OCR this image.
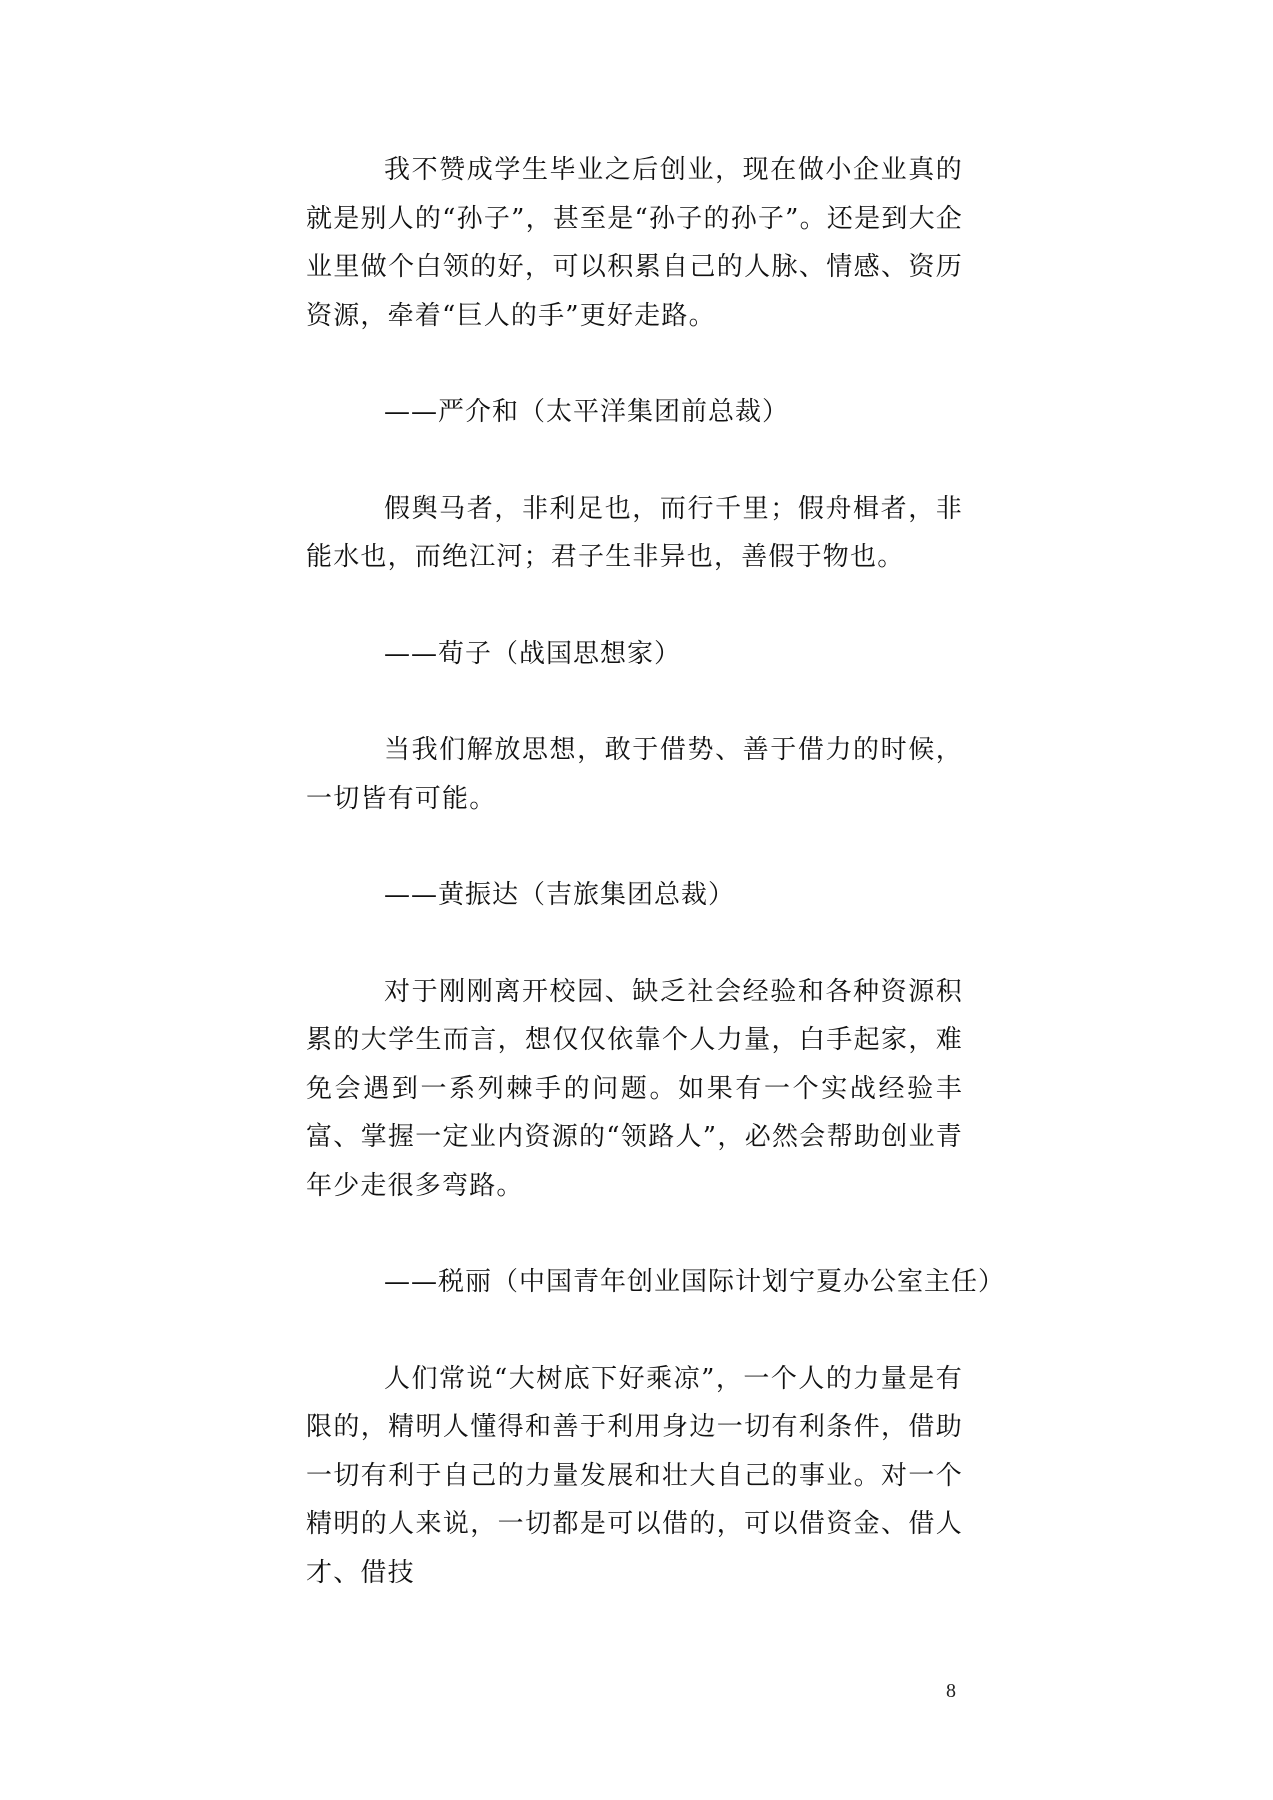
我不赞成学生毕业之后创业，现在做小企业真的就是别人的“孙子”，甚至是“孙子的孙子”。还是到大企业里做个白领的好，可以积累自己的人脉、情感、资历资源，牵着“巨人的手”更好走路。

——严介和（太平洋集团前总裁）

假舆马者，非利足也，而行千里；假舟楫者，非能水也，而绝江河；君子生非异也，善假于物也。

——荀子（战国思想家）

当我们解放思想，敢于借势、善于借力的时候，一切皆有可能。

——黄振达（吉旅集团总裁）

对于刚刚离开校园、缺乏社会经验和各种资源积累的大学生而言，想仅仅依靠个人力量，白手起家，难免会遇到一系列棘手的问题。如果有一个实战经验丰富、掌握一定业内资源的“领路人”，必然会帮助创业青年少走很多弯路。

——税丽（中国青年创业国际计划宁夏办公室主任）

人们常说“大树底下好乘凉”，一个人的力量是有限的，精明人懂得和善于利用身边一切有利条件，借助一切有利于自己的力量发展和壮大自己的事业。对一个精明的人来说，一切都是可以借的，可以借资金、借人才、借技

8
